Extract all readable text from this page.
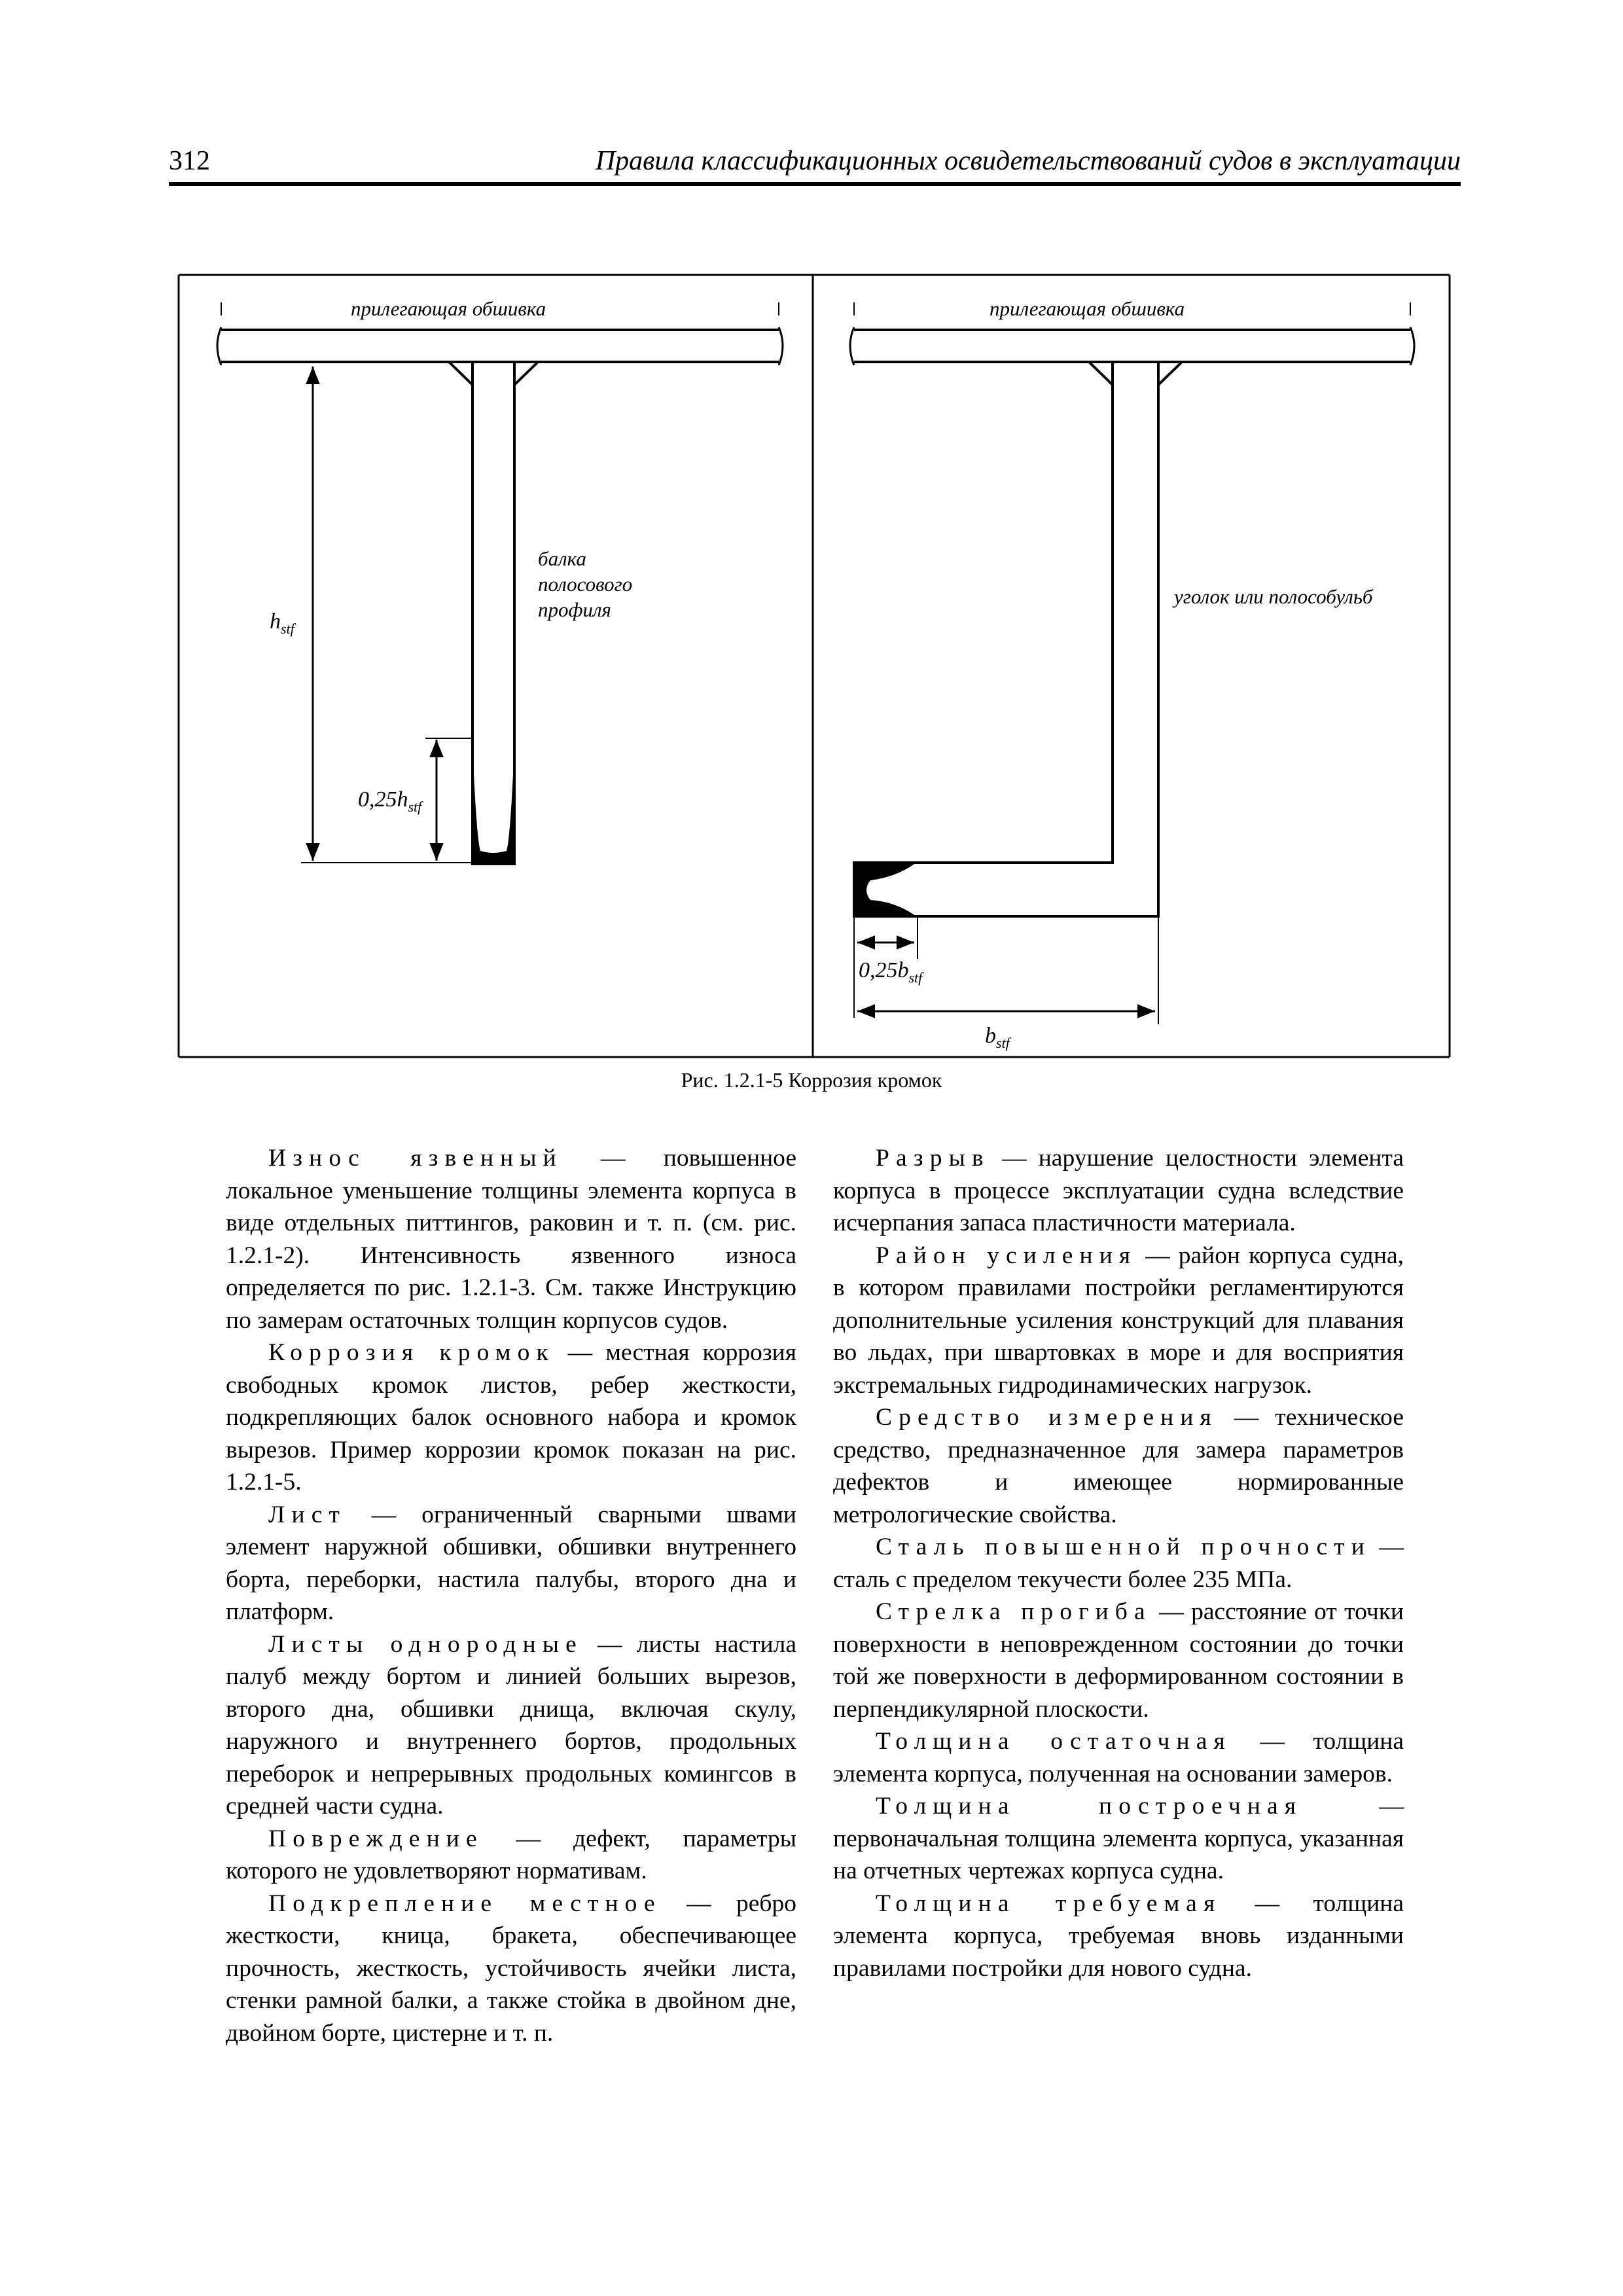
312	Правила классификационных освидетельствований судов в эксплуатации
прилегающая обшивка
балка
полосового
профиля
$h_{stf}$
$0,25h_{stf}$
прилегающая обшивка
уголок или полособульб
$0,25b_{stf}$
$b_{stf}$
Рис. 1.2.1-5 Коррозия кромок

Износ язвенный — повышенное локальное уменьшение толщины элемента корпуса в виде отдельных питтингов, раковин и т. п. (см. рис. 1.2.1-2). Интенсивность язвенного износа определяется по рис. 1.2.1-3. См. также Инструкцию по замерам остаточных толщин корпусов судов.

Коррозия кромок — местная коррозия свободных кромок листов, ребер жесткости, подкрепляющих балок основного набора и кромок вырезов. Пример коррозии кромок показан на рис. 1.2.1-5.

Лист — ограниченный сварными швами элемент наружной обшивки, обшивки внутреннего борта, переборки, настила палубы, второго дна и платформ.

Листы однородные — листы настила палуб между бортом и линией больших вырезов, второго дна, обшивки днища, включая скулу, наружного и внутреннего бортов, продольных переборок и непрерывных продольных комингсов в средней части судна.

Повреждение — дефект, параметры которого не удовлетворяют нормативам.

Подкрепление местное — ребро жесткости, кница, бракета, обеспечивающее прочность, жесткость, устойчивость ячейки листа, стенки рамной балки, а также стойка в двойном дне, двойном борте, цистерне и т. п.

Разрыв — нарушение целостности элемента корпуса в процессе эксплуатации судна вследствие исчерпания запаса пластичности материала.

Район усиления — район корпуса судна, в котором правилами постройки регламентируются дополнительные усиления конструкций для плавания во льдах, при швартовках в море и для восприятия экстремальных гидродинамических нагрузок.

Средство измерения — техническое средство, предназначенное для замера параметров дефектов и имеющее нормированные метрологические свойства.

Сталь повышенной прочности — сталь с пределом текучести более 235 МПа.

Стрелка прогиба — расстояние от точки поверхности в неповрежденном состоянии до точки той же поверхности в деформированном состоянии в перпендикулярной плоскости.

Толщина остаточная — толщина элемента корпуса, полученная на основании замеров.

Толщина построечная — первоначальная толщина элемента корпуса, указанная на отчетных чертежах корпуса судна.

Толщина требуемая — толщина элемента корпуса, требуемая вновь изданными правилами постройки для нового судна.
